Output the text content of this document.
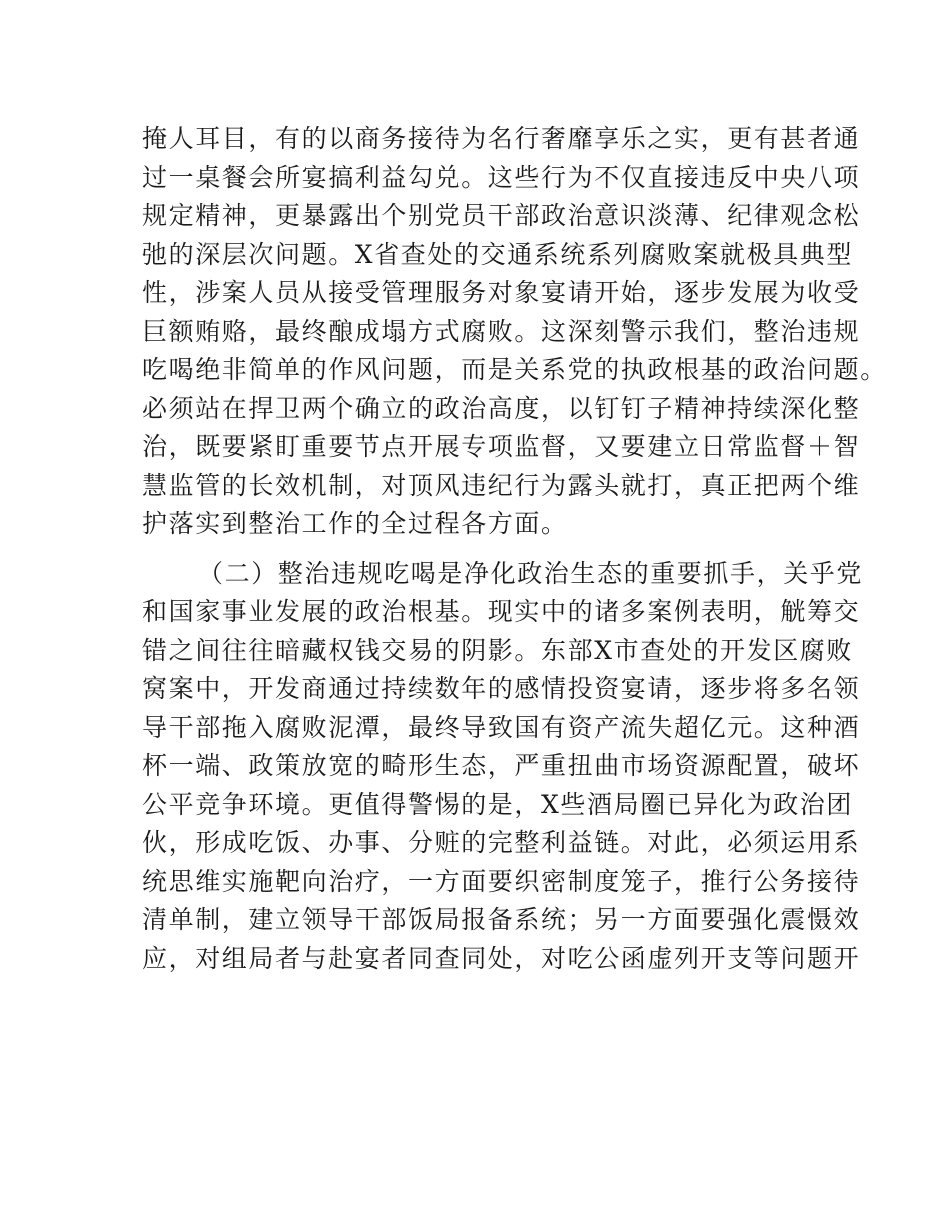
掩人耳目，有的以商务接待为名行奢靡享乐之实，更有甚者通
过一桌餐会所宴搞利益勾兑。这些行为不仅直接违反中央八项
规定精神，更暴露出个别党员干部政治意识淡薄、纪律观念松
弛的深层次问题。X省查处的交通系统系列腐败案就极具典型
性，涉案人员从接受管理服务对象宴请开始，逐步发展为收受
巨额贿赂，最终酿成塌方式腐败。这深刻警示我们，整治违规
吃喝绝非简单的作风问题，而是关系党的执政根基的政治问题。
必须站在捍卫两个确立的政治高度，以钉钉子精神持续深化整
治，既要紧盯重要节点开展专项监督，又要建立日常监督＋智
慧监管的长效机制，对顶风违纪行为露头就打，真正把两个维
护落实到整治工作的全过程各方面。
（二）整治违规吃喝是净化政治生态的重要抓手，关乎党
和国家事业发展的政治根基。现实中的诸多案例表明，觥筹交
错之间往往暗藏权钱交易的阴影。东部X市查处的开发区腐败
窝案中，开发商通过持续数年的感情投资宴请，逐步将多名领
导干部拖入腐败泥潭，最终导致国有资产流失超亿元。这种酒
杯一端、政策放宽的畸形生态，严重扭曲市场资源配置，破坏
公平竞争环境。更值得警惕的是，X些酒局圈已异化为政治团
伙，形成吃饭、办事、分赃的完整利益链。对此，必须运用系
统思维实施靶向治疗，一方面要织密制度笼子，推行公务接待
清单制，建立领导干部饭局报备系统；另一方面要强化震慑效
应，对组局者与赴宴者同查同处，对吃公函虚列开支等问题开
